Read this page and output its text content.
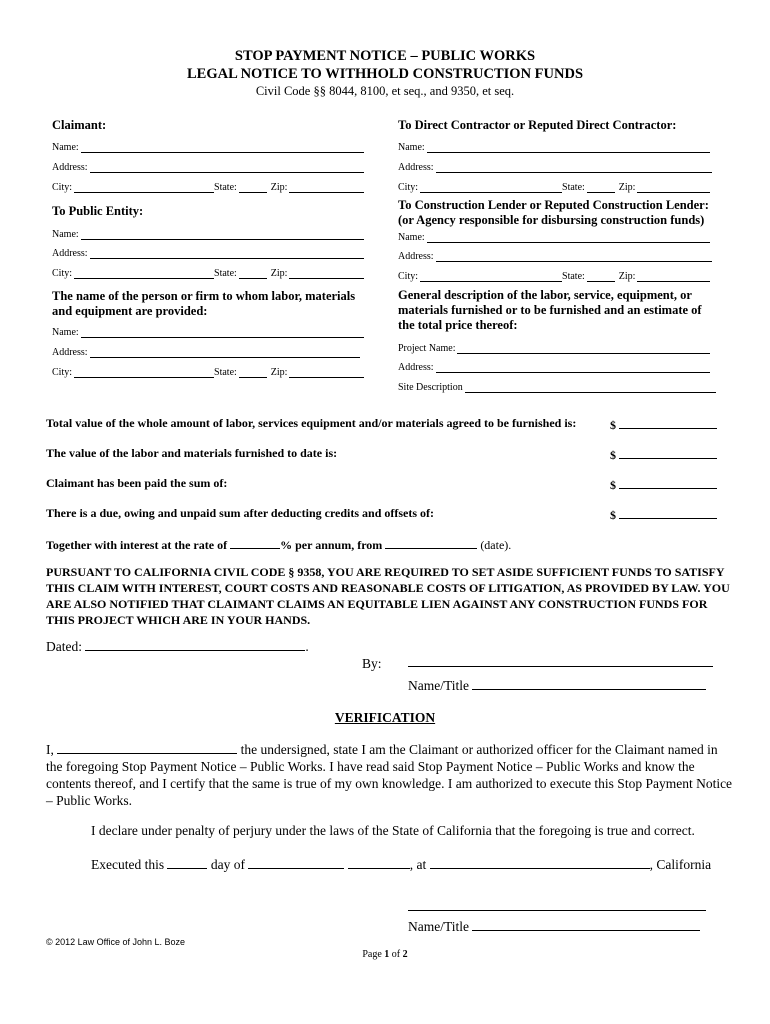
STOP PAYMENT NOTICE – PUBLIC WORKS
LEGAL NOTICE TO WITHHOLD CONSTRUCTION FUNDS
Civil Code §§ 8044, 8100, et seq., and 9350, et seq.
Claimant:
Name:
Address:
City:	State:	Zip:
To Direct Contractor or Reputed Direct Contractor:
Name:
Address:
City:	State:	Zip:
To Public Entity:
Name:
Address:
City:	State:	Zip:
To Construction Lender or Reputed Construction Lender: (or Agency responsible for disbursing construction funds)
Name:
Address:
City:	State:	Zip:
The name of the person or firm to whom labor, materials and equipment are provided:
Name:
Address:
City:	State:	Zip:
General description of the labor, service, equipment, or materials furnished or to be furnished and an estimate of the total price thereof:
Project Name:
Address:
Site Description
Total value of the whole amount of labor, services equipment and/or materials agreed to be furnished is:	$
The value of the labor and materials furnished to date is:	$
Claimant has been paid the sum of:	$
There is a due, owing and unpaid sum after deducting credits and offsets of:	$
Together with interest at the rate of	% per annum, from	(date).
PURSUANT TO CALIFORNIA CIVIL CODE § 9358, YOU ARE REQUIRED TO SET ASIDE SUFFICIENT FUNDS TO SATISFY THIS CLAIM WITH INTEREST, COURT COSTS AND REASONABLE COSTS OF LITIGATION, AS PROVIDED BY LAW. YOU ARE ALSO NOTIFIED THAT CLAIMANT CLAIMS AN EQUITABLE LIEN AGAINST ANY CONSTRUCTION FUNDS FOR THIS PROJECT WHICH ARE IN YOUR HANDS.
Dated:	.
By:
Name/Title
VERIFICATION
I,	the undersigned, state I am the Claimant or authorized officer for the Claimant named in the foregoing Stop Payment Notice – Public Works. I have read said Stop Payment Notice – Public Works and know the contents thereof, and I certify that the same is true of my own knowledge. I am authorized to execute this Stop Payment Notice – Public Works.
I declare under penalty of perjury under the laws of the State of California that the foregoing is true and correct.
Executed this	day of	, at	, California
Name/Title
© 2012 Law Office of John L. Boze
Page 1 of 2
